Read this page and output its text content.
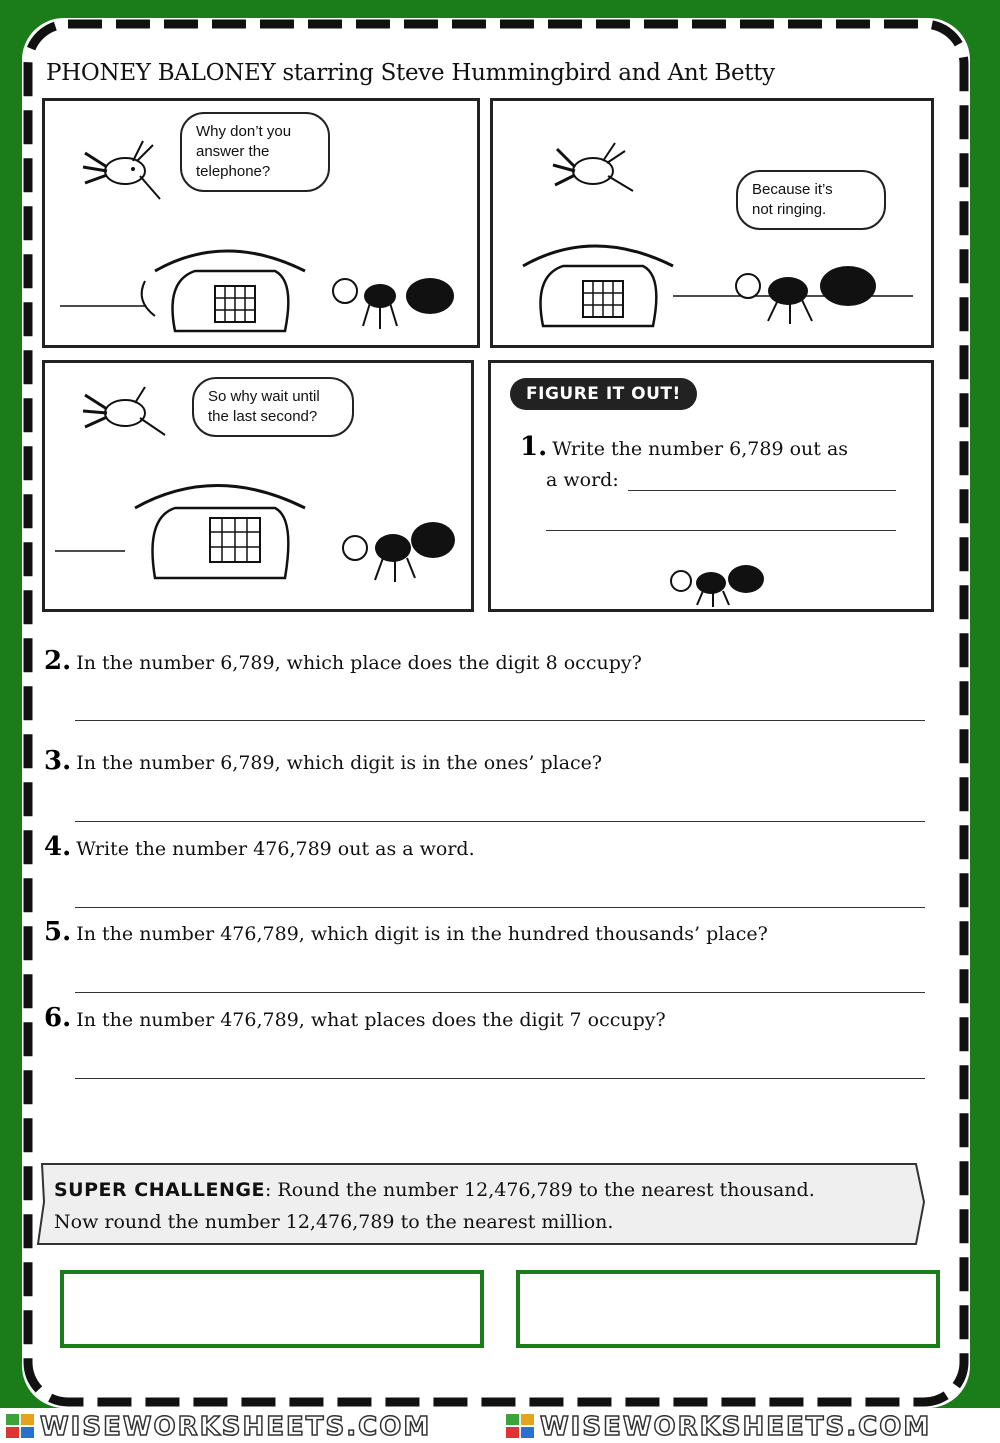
PHONEY BALONEY starring Steve Hummingbird and Ant Betty
Why don’t you
answer the
telephone?
Because it’s
not ringing.
So why wait until
the last second?
FIGURE IT OUT!
1. Write the number 6,789 out as
a word:
2. In the number 6,789, which place does the digit 8 occupy?
3. In the number 6,789, which digit is in the ones’ place?
4. Write the number 476,789 out as a word.
5. In the number 476,789, which digit is in the hundred thousands’ place?
6. In the number 476,789, what places does the digit 7 occupy?
SUPER CHALLENGE: Round the number 12,476,789 to the nearest thousand.
Now round the number 12,476,789 to the nearest million.
WISEWORKSHEETS.COM	WISEWORKSHEETS.COM
